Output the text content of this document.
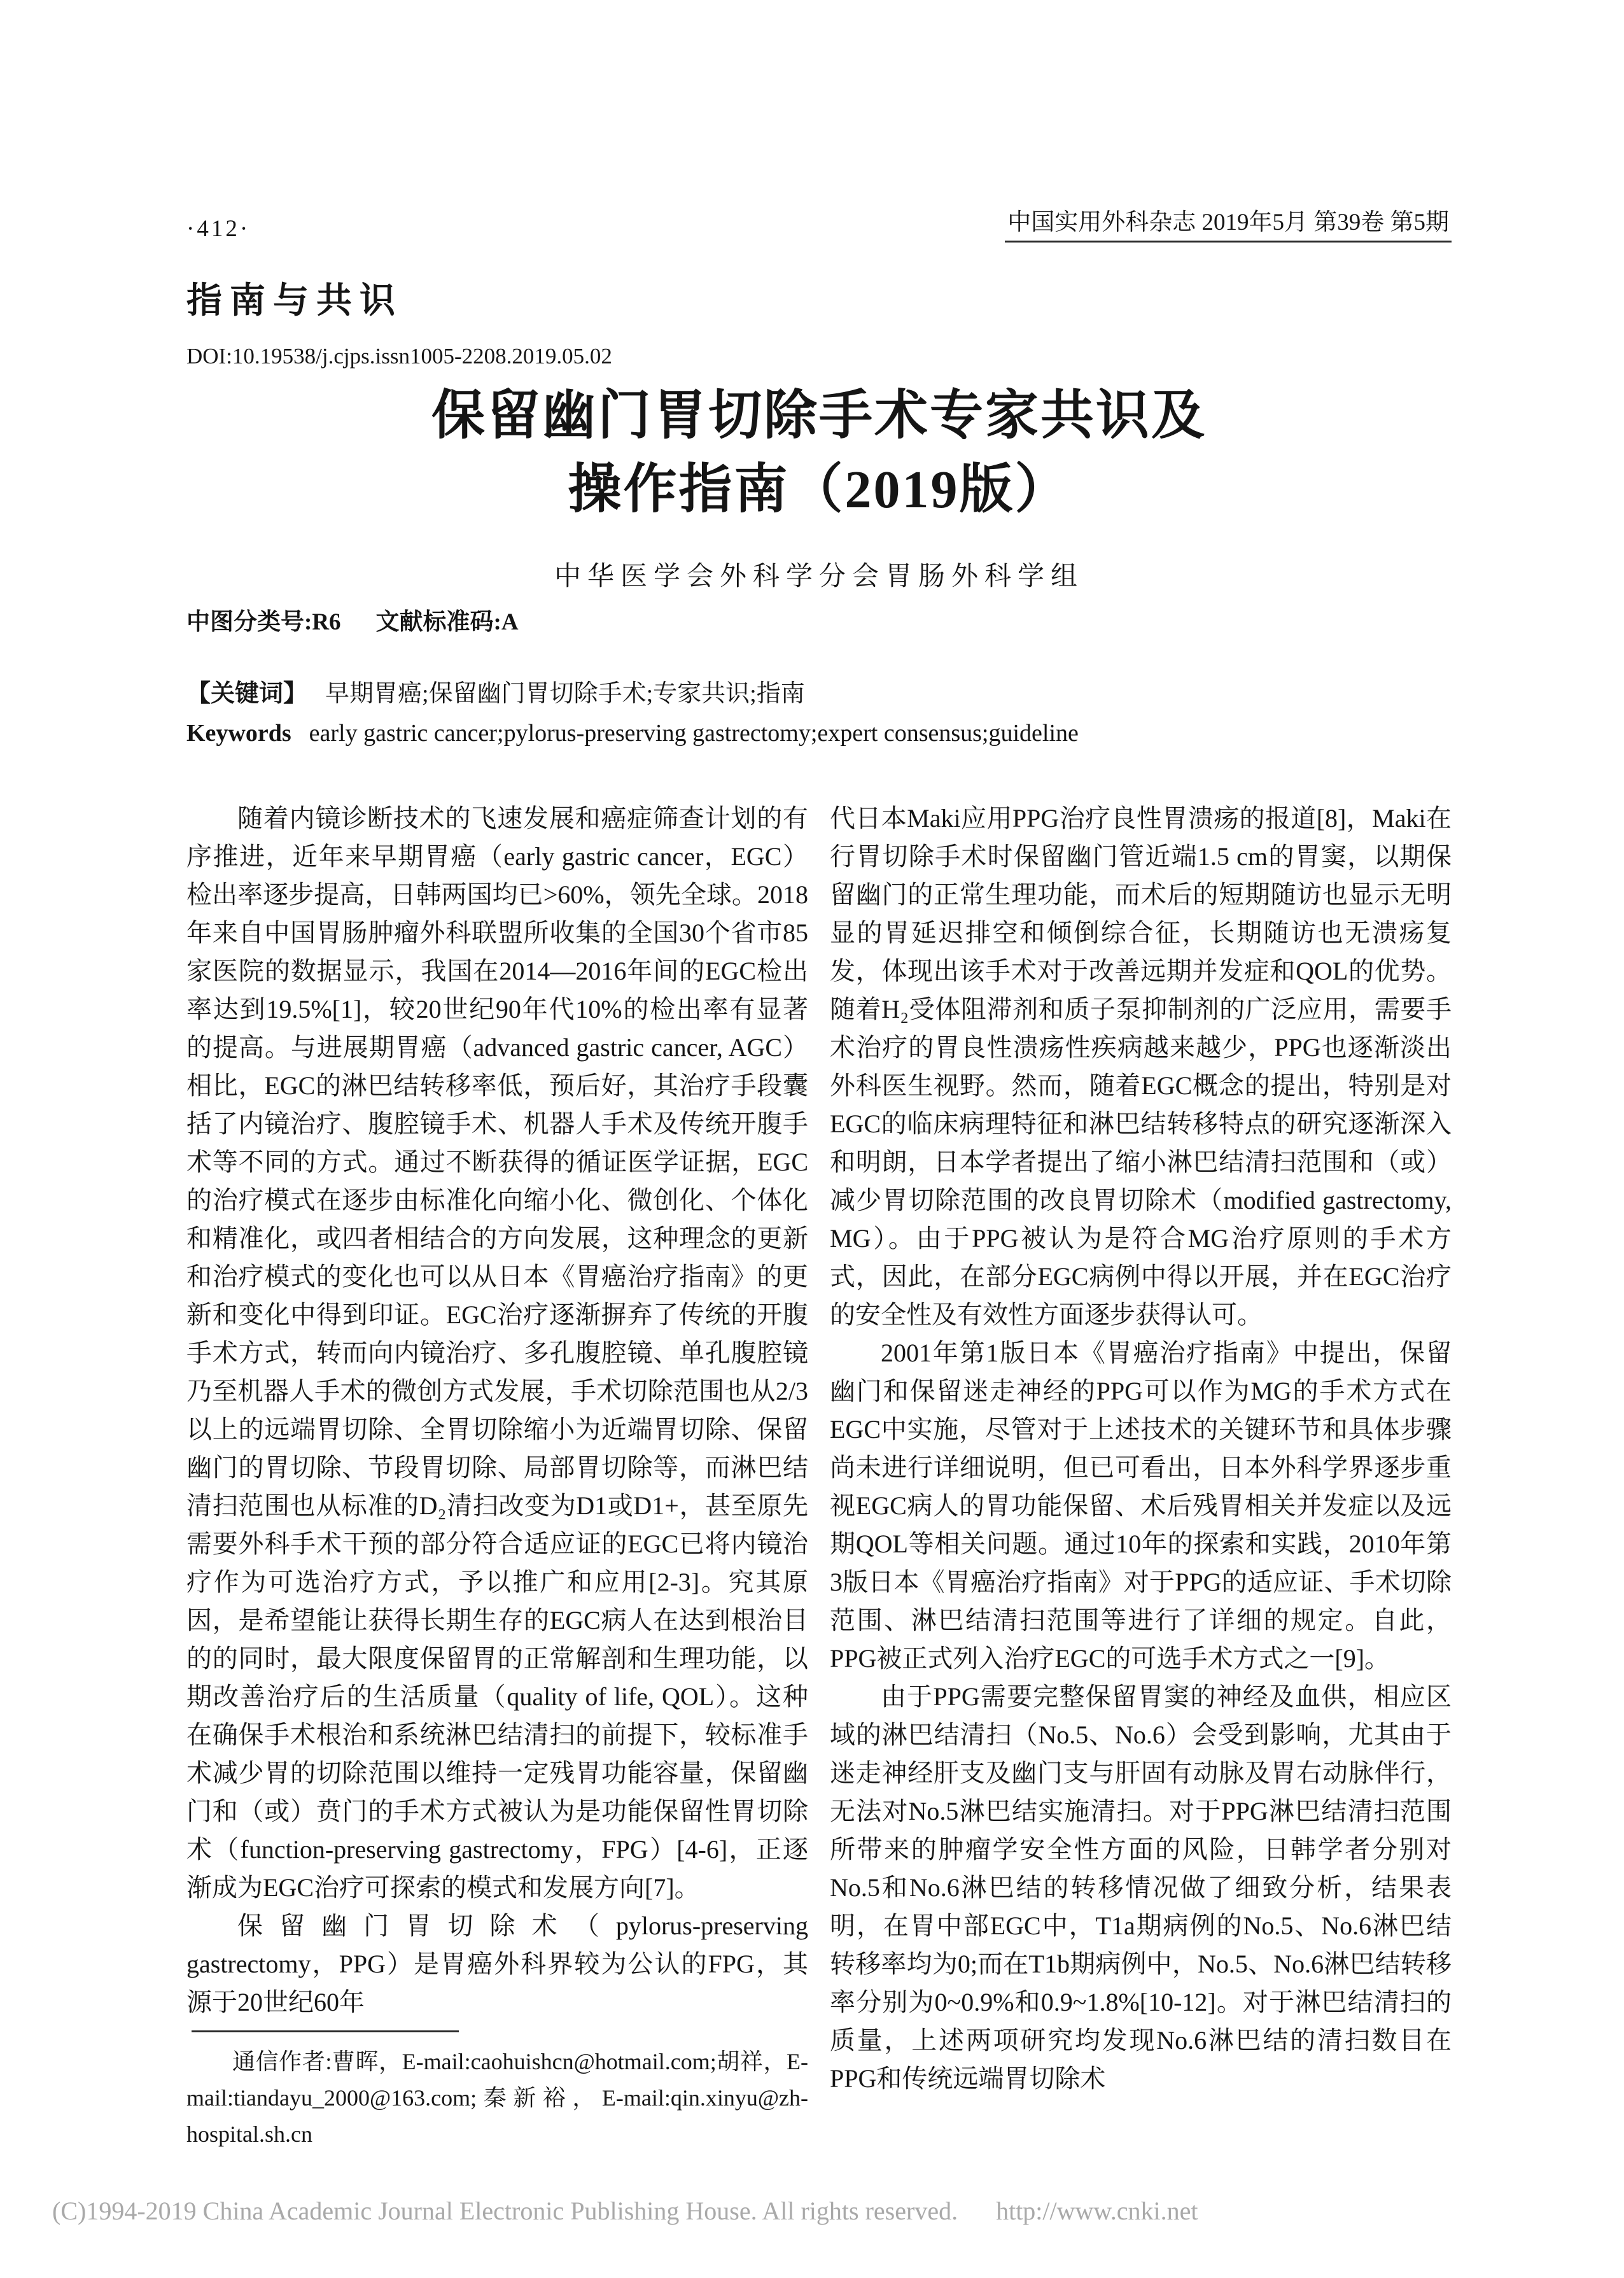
·412·	中国实用外科杂志 2019年5月 第39卷 第5期
指南与共识
DOI:10.19538/j.cjps.issn1005-2208.2019.05.02
保留幽门胃切除手术专家共识及
操作指南（2019版）
中华医学会外科学分会胃肠外科学组
中图分类号:R6 文献标准码:A
【关键词】 早期胃癌;保留幽门胃切除手术;专家共识;指南
Keywords early gastric cancer;pylorus-preserving gastrectomy;expert consensus;guideline

随着内镜诊断技术的飞速发展和癌症筛查计划的有序推进，近年来早期胃癌（early gastric cancer，EGC）检出率逐步提高，日韩两国均已>60%，领先全球。2018年来自中国胃肠肿瘤外科联盟所收集的全国30个省市85家医院的数据显示，我国在2014—2016年间的EGC检出率达到19.5%[1]，较20世纪90年代10%的检出率有显著的提高。与进展期胃癌（advanced gastric cancer, AGC）相比，EGC的淋巴结转移率低，预后好，其治疗手段囊括了内镜治疗、腹腔镜手术、机器人手术及传统开腹手术等不同的方式。通过不断获得的循证医学证据，EGC的治疗模式在逐步由标准化向缩小化、微创化、个体化和精准化，或四者相结合的方向发展，这种理念的更新和治疗模式的变化也可以从日本《胃癌治疗指南》的更新和变化中得到印证。EGC治疗逐渐摒弃了传统的开腹手术方式，转而向内镜治疗、多孔腹腔镜、单孔腹腔镜乃至机器人手术的微创方式发展，手术切除范围也从2/3以上的远端胃切除、全胃切除缩小为近端胃切除、保留幽门的胃切除、节段胃切除、局部胃切除等，而淋巴结清扫范围也从标准的D₂清扫改变为D1或D1+，甚至原先需要外科手术干预的部分符合适应证的EGC已将内镜治疗作为可选治疗方式，予以推广和应用[2-3]。究其原因，是希望能让获得长期生存的EGC病人在达到根治目的的同时，最大限度保留胃的正常解剖和生理功能，以期改善治疗后的生活质量（quality of life, QOL）。这种在确保手术根治和系统淋巴结清扫的前提下，较标准手术减少胃的切除范围以维持一定残胃功能容量，保留幽门和（或）贲门的手术方式被认为是功能保留性胃切除术（function-preserving gastrectomy，FPG）[4-6]，正逐渐成为EGC治疗可探索的模式和发展方向[7]。

保留幽门胃切除术（pylorus-preserving gastrectomy，PPG）是胃癌外科界较为公认的FPG，其源于20世纪60年

通信作者:曹晖，E-mail:caohuishcn@hotmail.com;胡祥，E-mail:tiandayu_2000@163.com;秦新裕，E-mail:qin.xinyu@zh-hospital.sh.cn

代日本Maki应用PPG治疗良性胃溃疡的报道[8]，Maki在行胃切除手术时保留幽门管近端1.5 cm的胃窦，以期保留幽门的正常生理功能，而术后的短期随访也显示无明显的胃延迟排空和倾倒综合征，长期随访也无溃疡复发，体现出该手术对于改善远期并发症和QOL的优势。随着H₂受体阻滞剂和质子泵抑制剂的广泛应用，需要手术治疗的胃良性溃疡性疾病越来越少，PPG也逐渐淡出外科医生视野。然而，随着EGC概念的提出，特别是对EGC的临床病理特征和淋巴结转移特点的研究逐渐深入和明朗，日本学者提出了缩小淋巴结清扫范围和（或）减少胃切除范围的改良胃切除术（modified gastrectomy, MG）。由于PPG被认为是符合MG治疗原则的手术方式，因此，在部分EGC病例中得以开展，并在EGC治疗的安全性及有效性方面逐步获得认可。

2001年第1版日本《胃癌治疗指南》中提出，保留幽门和保留迷走神经的PPG可以作为MG的手术方式在EGC中实施，尽管对于上述技术的关键环节和具体步骤尚未进行详细说明，但已可看出，日本外科学界逐步重视EGC病人的胃功能保留、术后残胃相关并发症以及远期QOL等相关问题。通过10年的探索和实践，2010年第3版日本《胃癌治疗指南》对于PPG的适应证、手术切除范围、淋巴结清扫范围等进行了详细的规定。自此，PPG被正式列入治疗EGC的可选手术方式之一[9]。

由于PPG需要完整保留胃窦的神经及血供，相应区域的淋巴结清扫（No.5、No.6）会受到影响，尤其由于迷走神经肝支及幽门支与肝固有动脉及胃右动脉伴行，无法对No.5淋巴结实施清扫。对于PPG淋巴结清扫范围所带来的肿瘤学安全性方面的风险，日韩学者分别对No.5和No.6淋巴结的转移情况做了细致分析，结果表明，在胃中部EGC中，T1a期病例的No.5、No.6淋巴结转移率均为0;而在T1b期病例中，No.5、No.6淋巴结转移率分别为0~0.9%和0.9~1.8%[10-12]。对于淋巴结清扫的质量，上述两项研究均发现No.6淋巴结的清扫数目在PPG和传统远端胃切除术

(C)1994-2019 China Academic Journal Electronic Publishing House. All rights reserved. http://www.cnki.net
